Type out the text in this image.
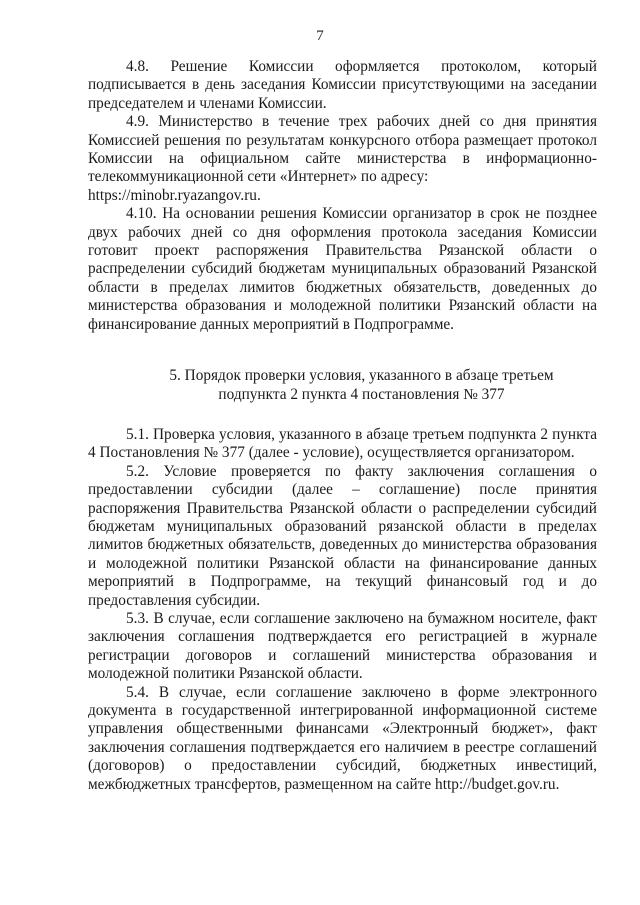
7

4.8. Решение Комиссии оформляется протоколом, который подписывается в день заседания Комиссии присутствующими на заседании председателем и членами Комиссии.

4.9. Министерство в течение трех рабочих дней со дня принятия Комиссией решения по результатам конкурсного отбора размещает протокол Комиссии на официальном сайте министерства в информационно-телекоммуникационной сети «Интернет» по адресу:

https://minobr.ryazangov.ru.

4.10. На основании решения Комиссии организатор в срок не позднее двух рабочих дней со дня оформления протокола заседания Комиссии готовит проект распоряжения Правительства Рязанской области о распределении субсидий бюджетам муниципальных образований Рязанской области в пределах лимитов бюджетных обязательств, доведенных до министерства образования и молодежной политики Рязанский области на финансирование данных мероприятий в Подпрограмме.

5. Порядок проверки условия, указанного в абзаце третьем
подпункта 2 пункта 4 постановления № 377

5.1. Проверка условия, указанного в абзаце третьем подпункта 2 пункта 4 Постановления № 377 (далее - условие), осуществляется организатором.

5.2. Условие проверяется по факту заключения соглашения о предоставлении субсидии (далее – соглашение) после принятия распоряжения Правительства Рязанской области о распределении субсидий бюджетам муниципальных образований рязанской области в пределах лимитов бюджетных обязательств, доведенных до министерства образования и молодежной политики Рязанской области на финансирование данных мероприятий в Подпрограмме, на текущий финансовый год и до предоставления субсидии.

5.3. В случае, если соглашение заключено на бумажном носителе, факт заключения соглашения подтверждается его регистрацией в журнале регистрации договоров и соглашений министерства образования и молодежной политики Рязанской области.

5.4. В случае, если соглашение заключено в форме электронного документа в государственной интегрированной информационной системе управления общественными финансами «Электронный бюджет», факт заключения соглашения подтверждается его наличием в реестре соглашений (договоров) о предоставлении субсидий, бюджетных инвестиций, межбюджетных трансфертов, размещенном на сайте http://budget.gov.ru.
